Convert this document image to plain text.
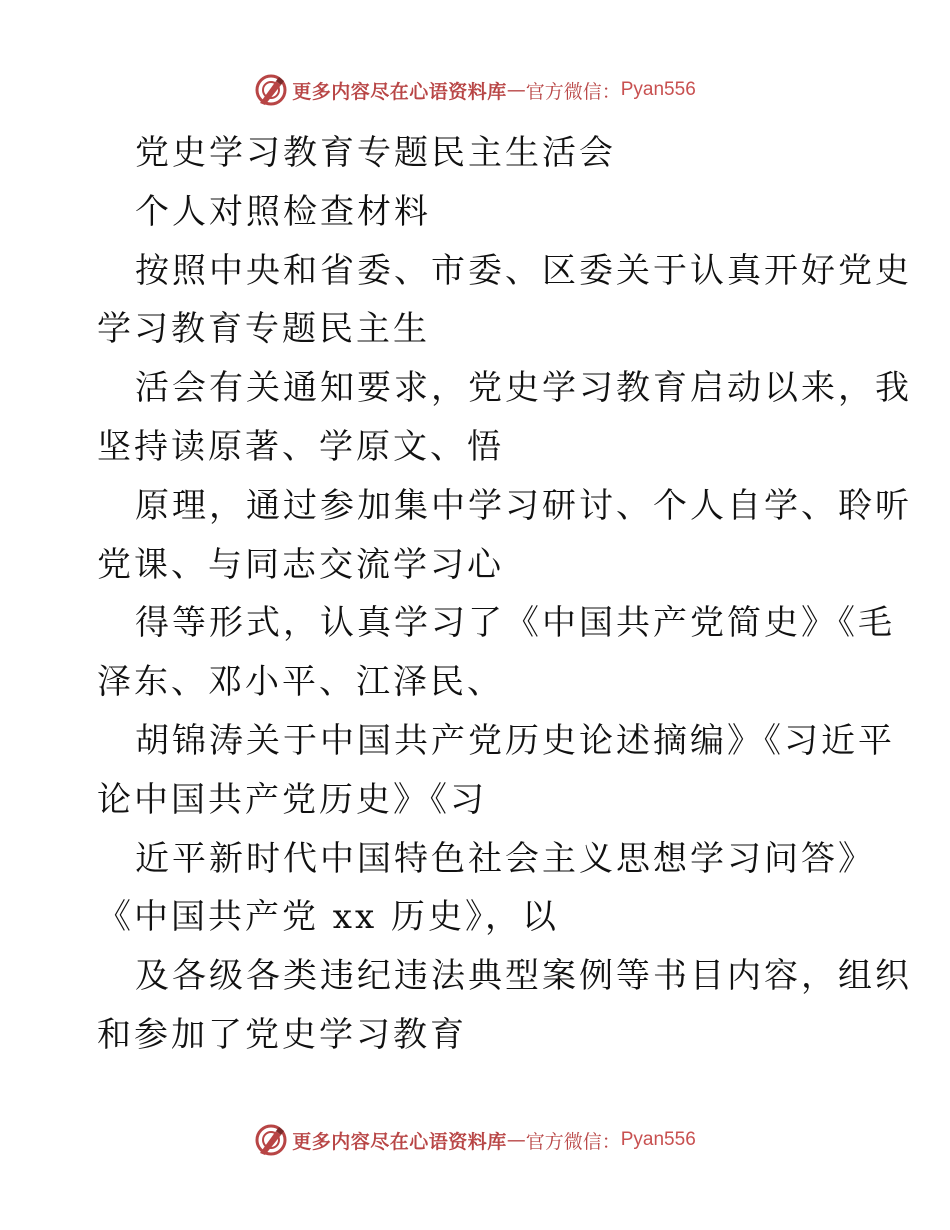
更多内容尽在心语资料库 — 官方微信： Pyan556
党史学习教育专题民主生活会
个人对照检查材料
按照中央和省委、市委、区委关于认真开好党史
学习教育专题民主生
活会有关通知要求，党史学习教育启动以来，我
坚持读原著、学原文、悟
原理，通过参加集中学习研讨、个人自学、聆听
党课、与同志交流学习心
得等形式，认真学习了《中国共产党简史》《毛
泽东、邓小平、江泽民、
胡锦涛关于中国共产党历史论述摘编》《习近平
论中国共产党历史》《习
近平新时代中国特色社会主义思想学习问答》
《中国共产党 xx 历史》，以
及各级各类违纪违法典型案例等书目内容，组织
和参加了党史学习教育
更多内容尽在心语资料库 — 官方微信： Pyan556
